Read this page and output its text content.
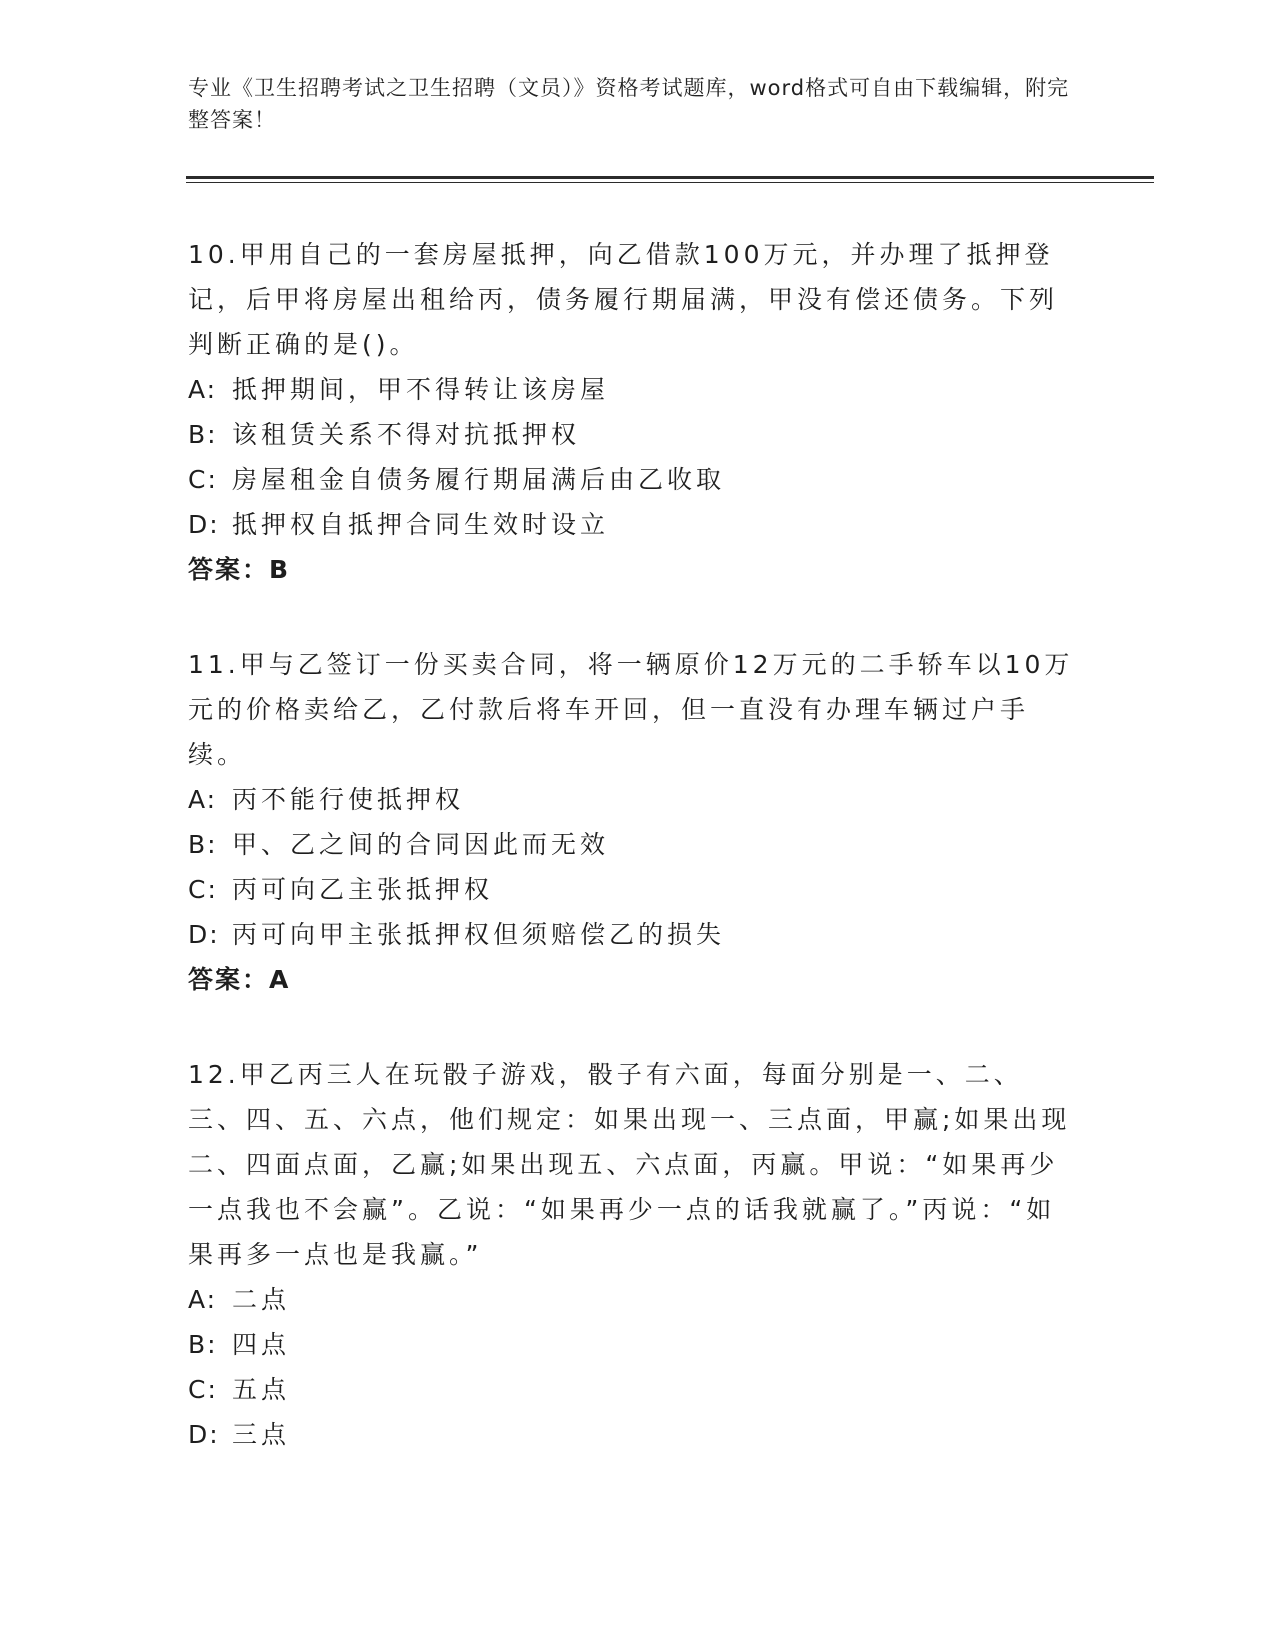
专业《卫生招聘考试之卫生招聘（文员）》资格考试题库，word格式可自由下载编辑，附完整答案！

10.甲用自己的一套房屋抵押，向乙借款100万元，并办理了抵押登记，后甲将房屋出租给丙，债务履行期届满，甲没有偿还债务。下列判断正确的是()。

A: 抵押期间，甲不得转让该房屋

B: 该租赁关系不得对抗抵押权

C: 房屋租金自债务履行期届满后由乙收取

D: 抵押权自抵押合同生效时设立

答案：B

11.甲与乙签订一份买卖合同，将一辆原价12万元的二手轿车以10万元的价格卖给乙，乙付款后将车开回，但一直没有办理车辆过户手续。

A: 丙不能行使抵押权

B: 甲、乙之间的合同因此而无效

C: 丙可向乙主张抵押权

D: 丙可向甲主张抵押权但须赔偿乙的损失

答案：A

12.甲乙丙三人在玩骰子游戏，骰子有六面，每面分别是一、二、三、四、五、六点，他们规定：如果出现一、三点面，甲赢;如果出现二、四面点面，乙赢;如果出现五、六点面，丙赢。甲说：“如果再少一点我也不会赢”。乙说：“如果再少一点的话我就赢了。”丙说：“如果再多一点也是我赢。”

A: 二点

B: 四点

C: 五点

D: 三点
